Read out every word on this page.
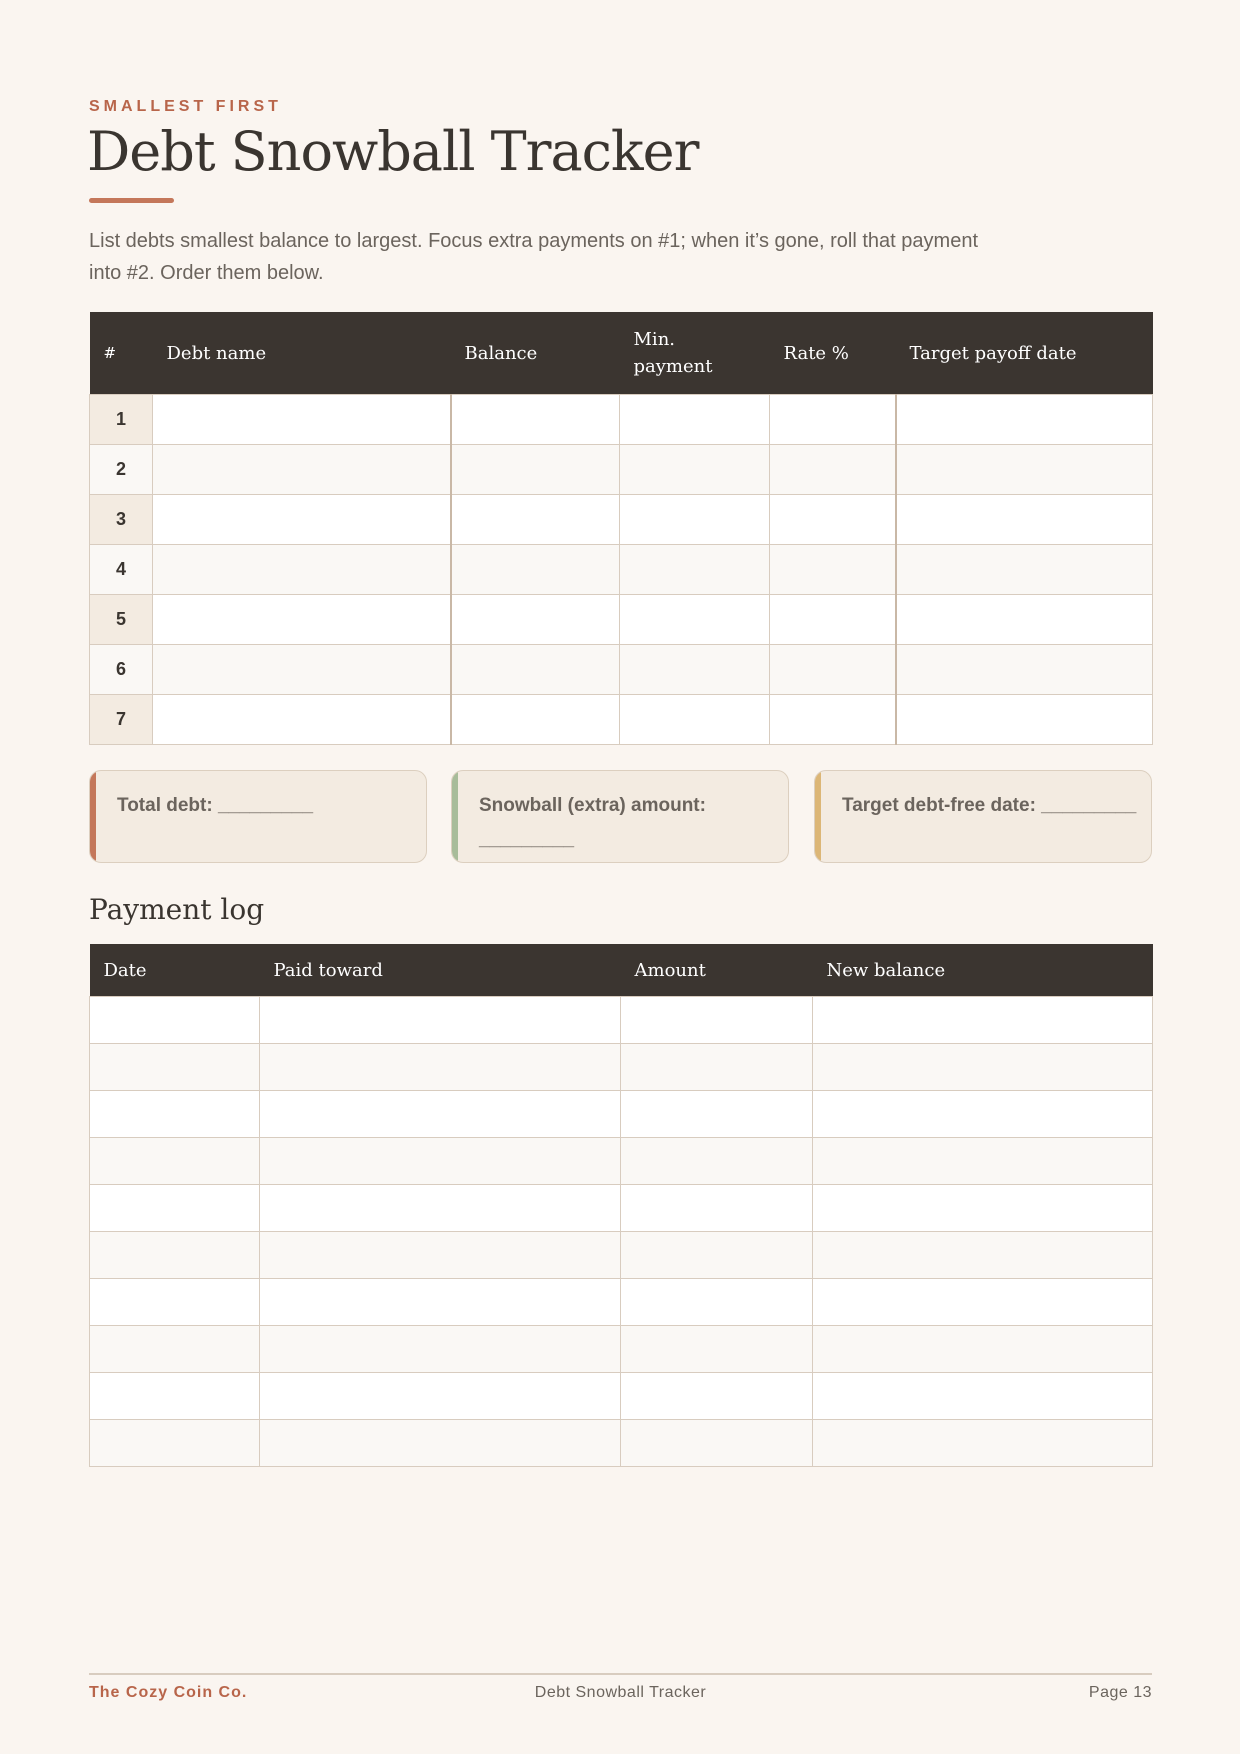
SMALLEST FIRST
Debt Snowball Tracker
List debts smallest balance to largest. Focus extra payments on #1; when it’s gone, roll that payment into #2. Order them below.
#	Debt name	Balance	Min. payment	Rate %	Target payoff date
1					
2					
3					
4					
5					
6					
7					
Total debt: _________	Snowball (extra) amount: _________
Target debt-free date: _________
Payment log
Date	Paid toward	Amount	New balance

The Cozy Coin Co.	Debt Snowball Tracker	Page 13
